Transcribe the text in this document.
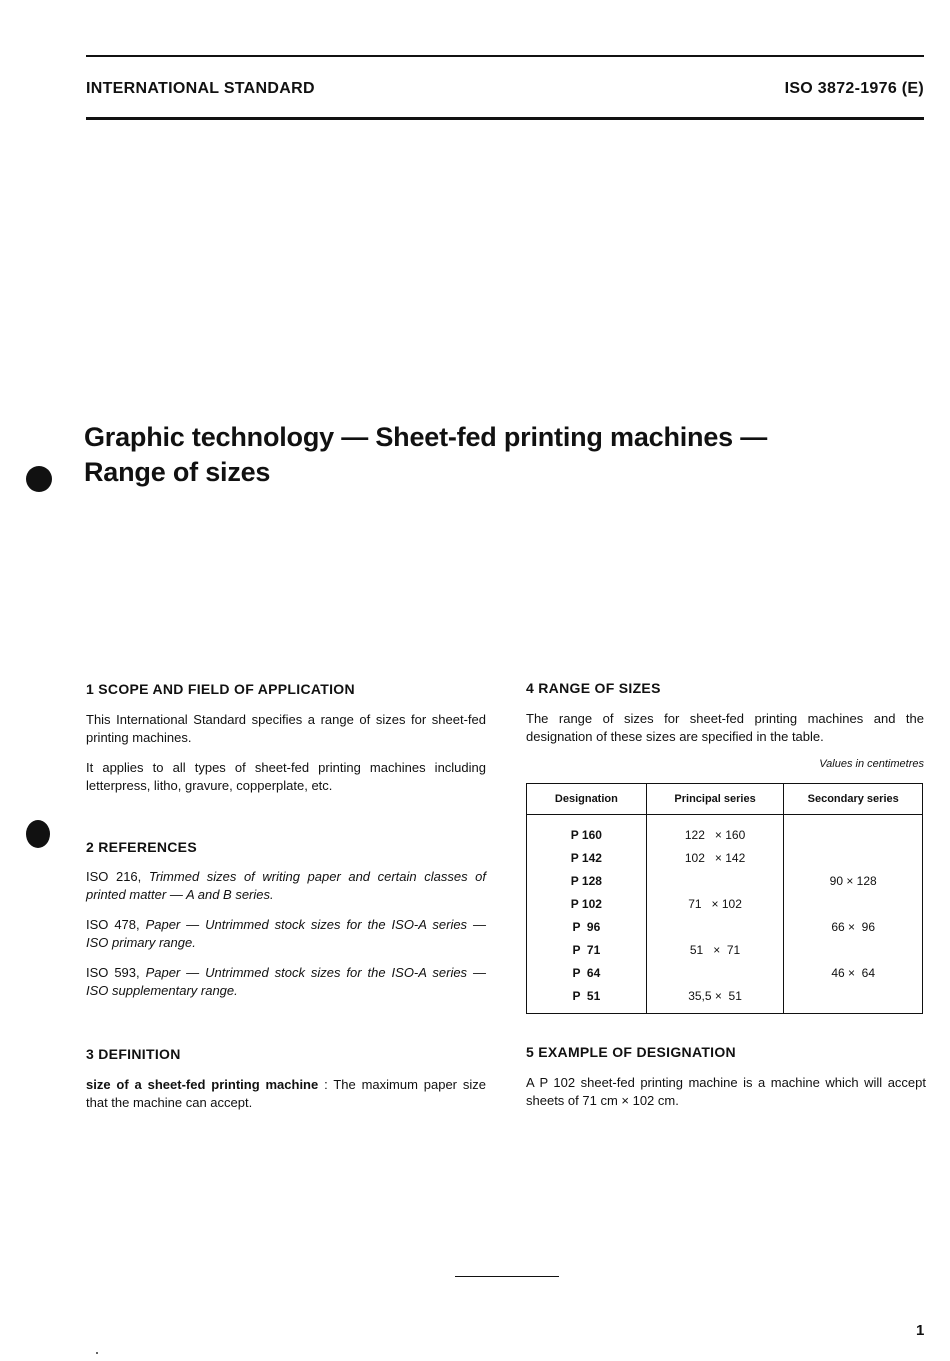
INTERNATIONAL STANDARD	ISO 3872-1976 (E)
Graphic technology — Sheet-fed printing machines —
Range of sizes
1 SCOPE AND FIELD OF APPLICATION
This International Standard specifies a range of sizes for sheet-fed printing machines.
It applies to all types of sheet-fed printing machines including letterpress, litho, gravure, copperplate, etc.
2 REFERENCES
ISO 216, Trimmed sizes of writing paper and certain classes of printed matter — A and B series.
ISO 478, Paper — Untrimmed stock sizes for the ISO-A series — ISO primary range.
ISO 593, Paper — Untrimmed stock sizes for the ISO-A series — ISO supplementary range.
3 DEFINITION
size of a sheet-fed printing machine : The maximum paper size that the machine can accept.
4 RANGE OF SIZES
The range of sizes for sheet-fed printing machines and the designation of these sizes are specified in the table.
Values in centimetres
Designation	Principal series	Secondary series
P 160	122   × 160	
P 142	102   × 142	
P 128		90 × 128
P 102	71   × 102	
P  96		66 ×  96
P  71	51   ×  71	
P  64		46 ×  64
P  51	35,5 ×  51	
5 EXAMPLE OF DESIGNATION
A P 102 sheet-fed printing machine is a machine which will accept sheets of 71 cm × 102 cm.
1
